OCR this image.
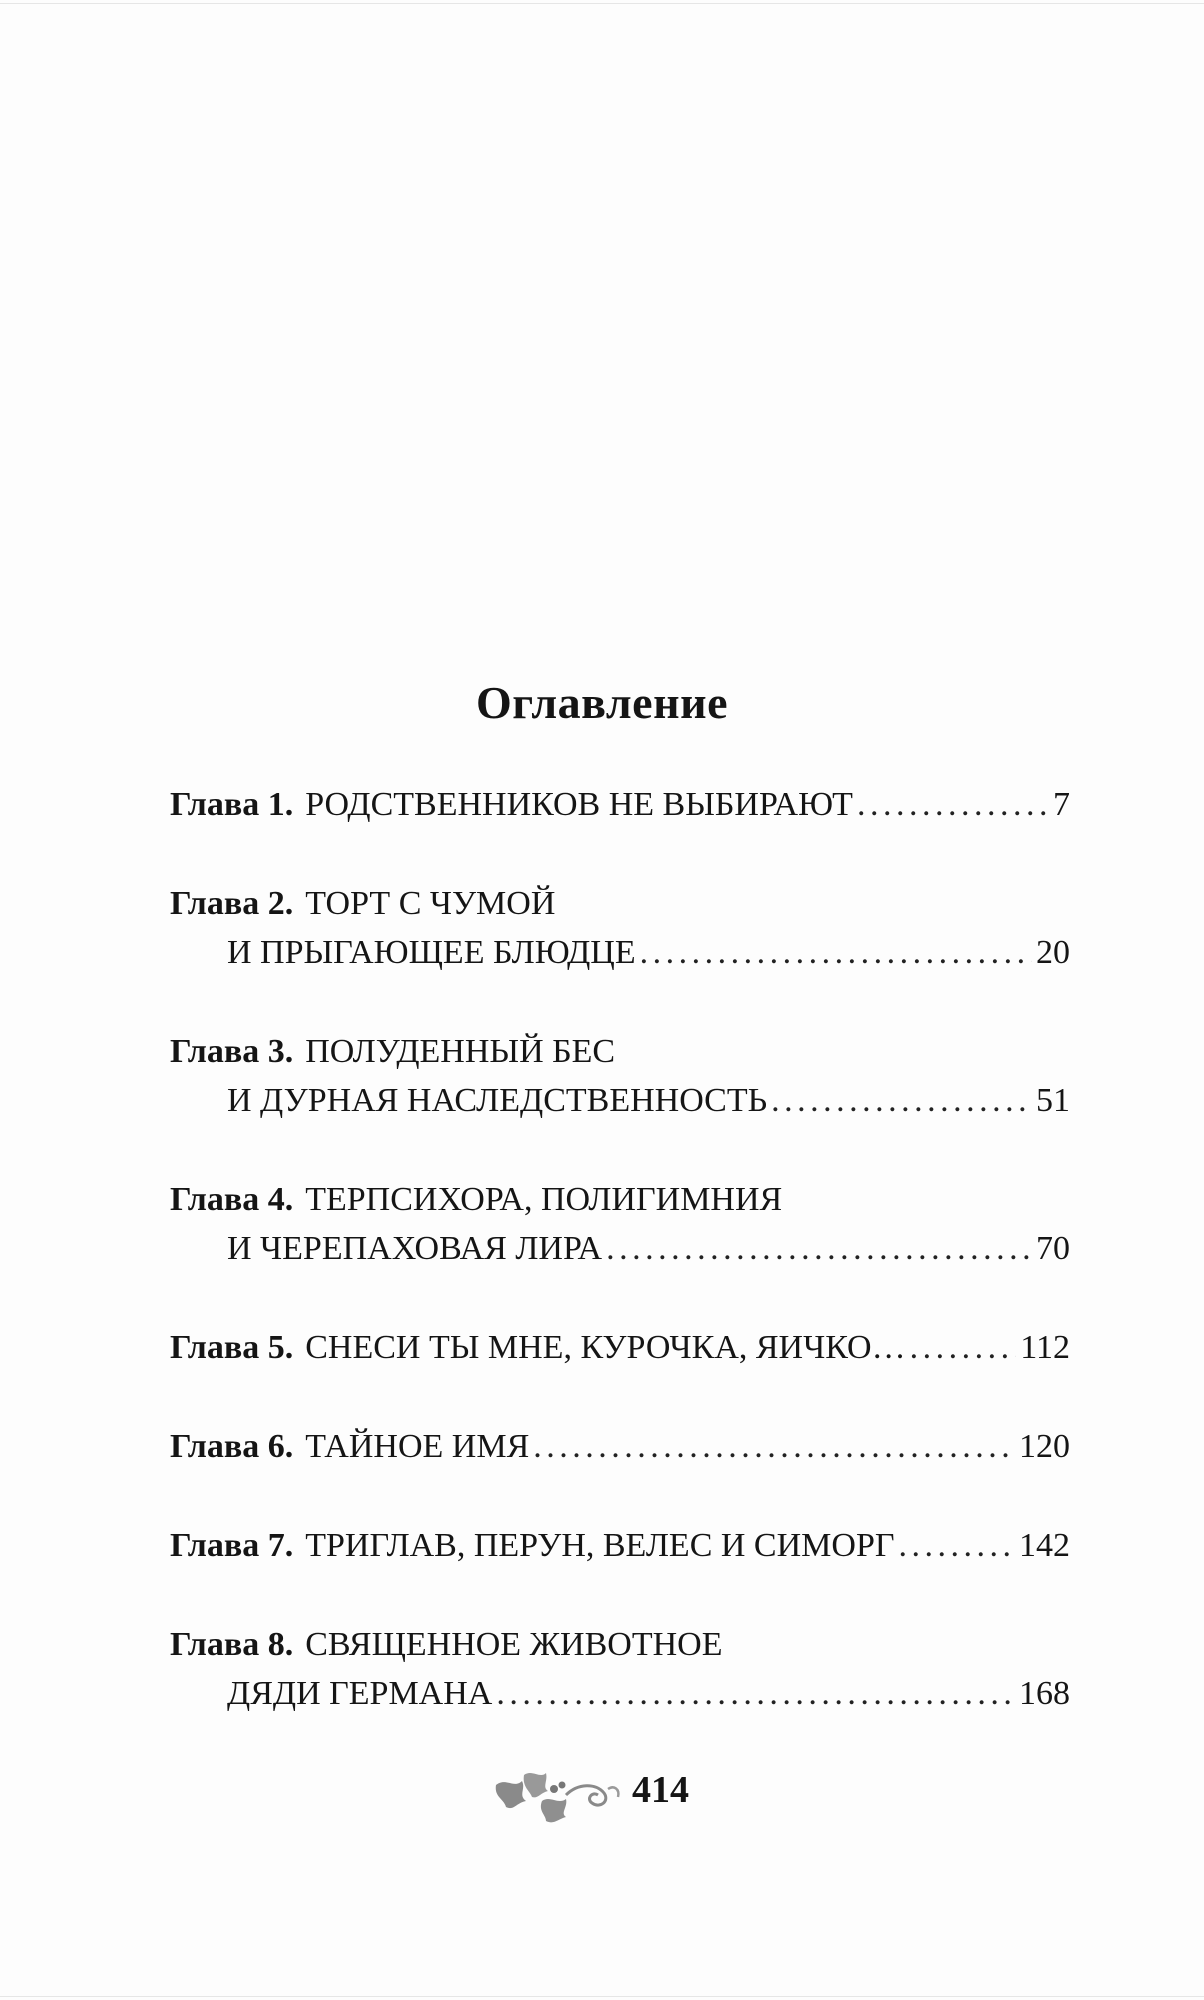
Оглавление
Глава 1. РОДСТВЕННИКОВ НЕ ВЫБИРАЮТ . . .	7
Глава 2. ТОРТ С ЧУМОЙ
И ПРЫГАЮЩЕЕ БЛЮДЦЕ . . .	20
Глава 3. ПОЛУДЕННЫЙ БЕС
И ДУРНАЯ НАСЛЕДСТВЕННОСТЬ . . .	51
Глава 4. ТЕРПСИХОРА, ПОЛИГИМНИЯ
И ЧЕРЕПАХОВАЯ ЛИРА . . .	70
Глава 5. СНЕСИ ТЫ МНЕ, КУРОЧКА, ЯИЧКО… . . .	112
Глава 6. ТАЙНОЕ ИМЯ . . .	120
Глава 7. ТРИГЛАВ, ПЕРУН, ВЕЛЕС И СИМОРГ . . .	142
Глава 8. СВЯЩЕННОЕ ЖИВОТНОЕ
ДЯДИ ГЕРМАНА . . .	168
414
